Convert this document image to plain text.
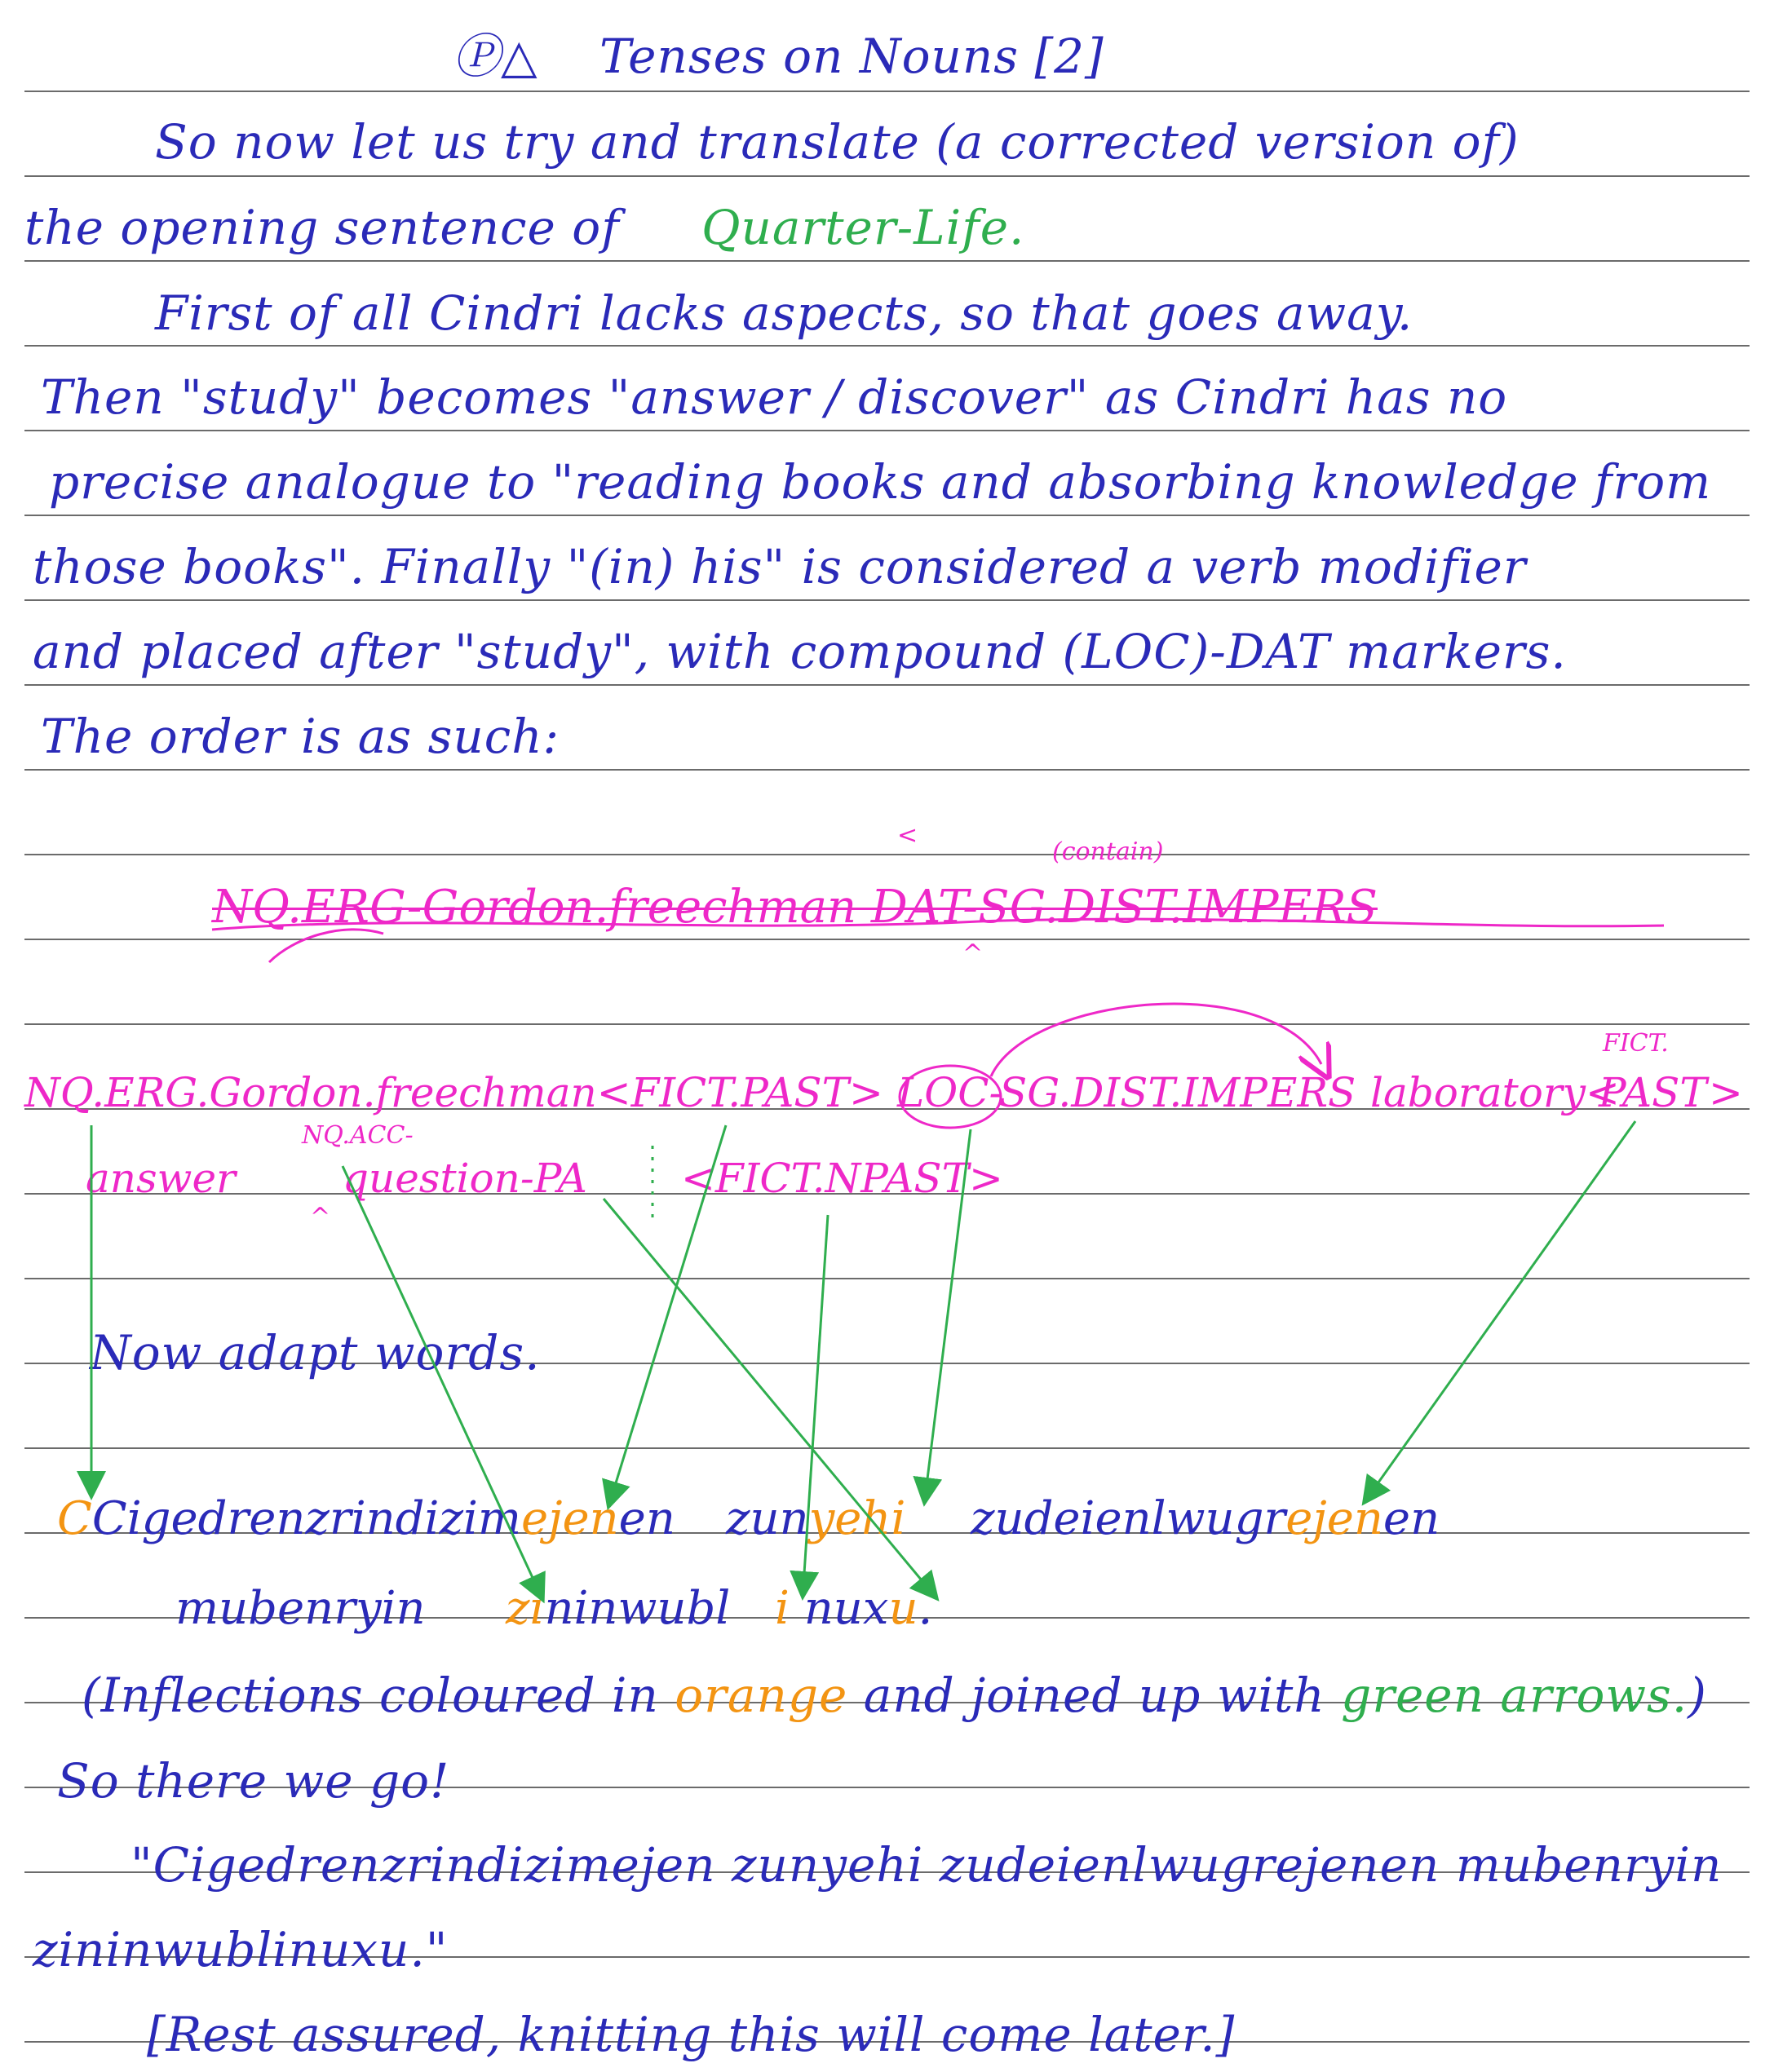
Ⓟ△ Tenses on Nouns [2]
So now let us try and translate (a corrected version of)
the opening sentence of Quarter-Life.
First of all Cindri lacks aspects, so that goes away.
Then "study" becomes "answer / discover" as Cindri has no
precise analogue to "reading books and absorbing knowledge from
those books". Finally "(in) his" is considered a verb modifier
and placed after "study", with compound (LOC)-DAT markers.
The order is as such:
<
(contain)
NQ.ERG-Gordon.freechman DAT-SG.DIST.IMPERS
^
FICT.
NQ.ERG.Gordon.freechman<FICT.PAST> LOC-
SG.DIST.IMPERS laboratory<
PAST >
NQ.ACC-
answer
^
question-PA <FICT.NPAST>
Now adapt words.
CCigedrenzrindizimejenen zunyehi zudeienlwugrejenen
mubenryin zininwubl i nuxu.
(Inflections coloured in orange and joined up with green arrows.)
So there we go!
"Cigedrenzrindizimejen zunyehi zudeienlwugrejenen mubenryin
zininwublinuxu."
[Rest assured, knitting this will come later.]
